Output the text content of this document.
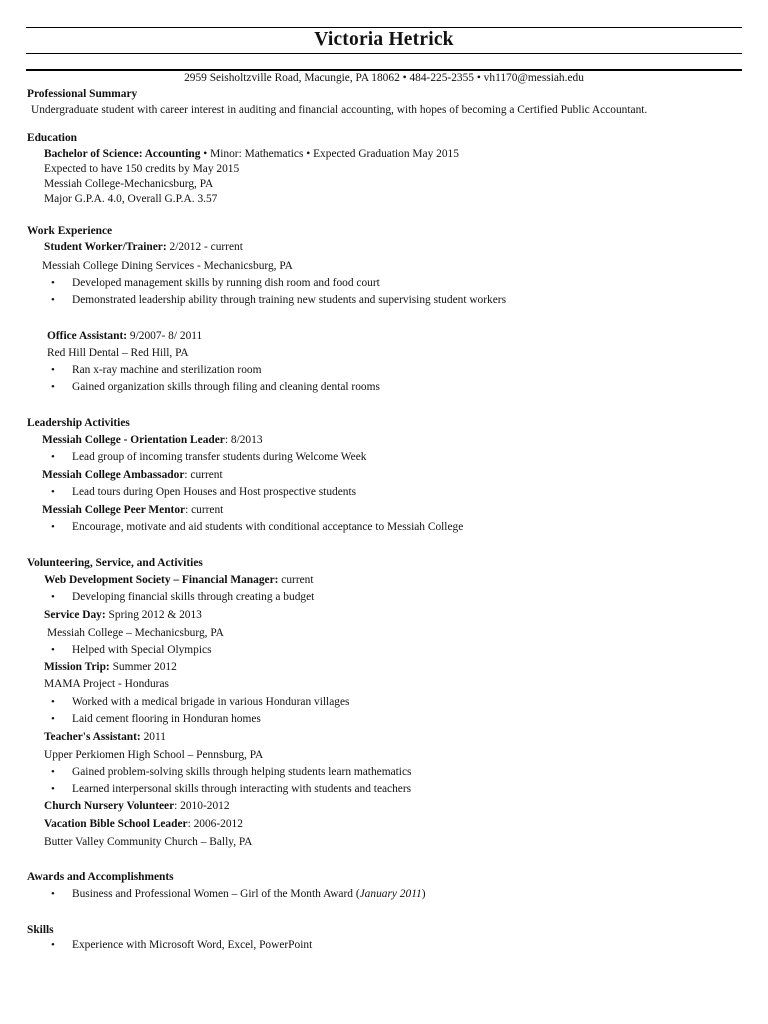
Victoria Hetrick
2959 Seisholtzville Road, Macungie, PA 18062 • 484-225-2355 • vh1170@messiah.edu
Professional Summary
Undergraduate student with career interest in auditing and financial accounting, with hopes of becoming a Certified Public Accountant.
Education
Bachelor of Science: Accounting • Minor: Mathematics • Expected Graduation May 2015
Expected to have 150 credits by May 2015
Messiah College-Mechanicsburg, PA
Major G.P.A. 4.0, Overall G.P.A. 3.57
Work Experience
Student Worker/Trainer: 2/2012 - current
Messiah College Dining Services - Mechanicsburg, PA
• Developed management skills by running dish room and food court
• Demonstrated leadership ability through training new students and supervising student workers
Office Assistant: 9/2007- 8/ 2011
Red Hill Dental – Red Hill, PA
• Ran x-ray machine and sterilization room
• Gained organization skills through filing and cleaning dental rooms
Leadership Activities
Messiah College - Orientation Leader: 8/2013
• Lead group of incoming transfer students during Welcome Week
Messiah College Ambassador: current
• Lead tours during Open Houses and Host prospective students
Messiah College Peer Mentor: current
• Encourage, motivate and aid students with conditional acceptance to Messiah College
Volunteering, Service, and Activities
Web Development Society – Financial Manager: current
• Developing financial skills through creating a budget
Service Day: Spring 2012 & 2013
Messiah College – Mechanicsburg, PA
• Helped with Special Olympics
Mission Trip: Summer 2012
MAMA Project - Honduras
• Worked with a medical brigade in various Honduran villages
• Laid cement flooring in Honduran homes
Teacher's Assistant: 2011
Upper Perkiomen High School – Pennsburg, PA
• Gained problem-solving skills through helping students learn mathematics
• Learned interpersonal skills through interacting with students and teachers
Church Nursery Volunteer: 2010-2012
Vacation Bible School Leader: 2006-2012
Butter Valley Community Church – Bally, PA
Awards and Accomplishments
• Business and Professional Women – Girl of the Month Award (January 2011)
Skills
• Experience with Microsoft Word, Excel, PowerPoint
